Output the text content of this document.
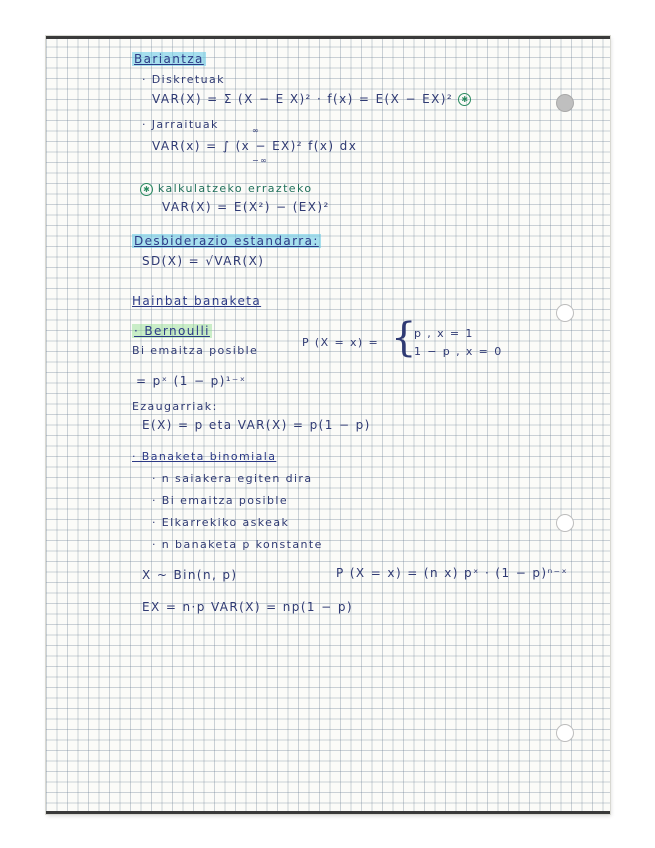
Bariantza
· Diskretuak
VAR(X) = Σ (X − E X)² · f(x) = E(X − EX)² ✱
· Jarraituak
VAR(x) = ∫ (x − EX)² f(x) dx
∞
−∞
✱ kalkulatzeko errazteko
VAR(X) = E(X²) − (EX)²
Desbiderazio estandarra:
SD(X) = √VAR(X)
Hainbat banaketa
· Bernoulli
Bi emaitza posible
P (X = x) = {
p , x = 1
1 − p , x = 0
= pˣ (1 − p)¹⁻ˣ
Ezaugarriak:
E(X) = p eta VAR(X) = p(1 − p)
· Banaketa binomiala
· n saiakera egiten dira
· Bi emaitza posible
· Elkarrekiko askeak
· n banaketa p konstante
X ~ Bin(n, p)	P (X = x) = (n x) pˣ · (1 − p)ⁿ⁻ˣ
EX = n·p VAR(X) = np(1 − p)
